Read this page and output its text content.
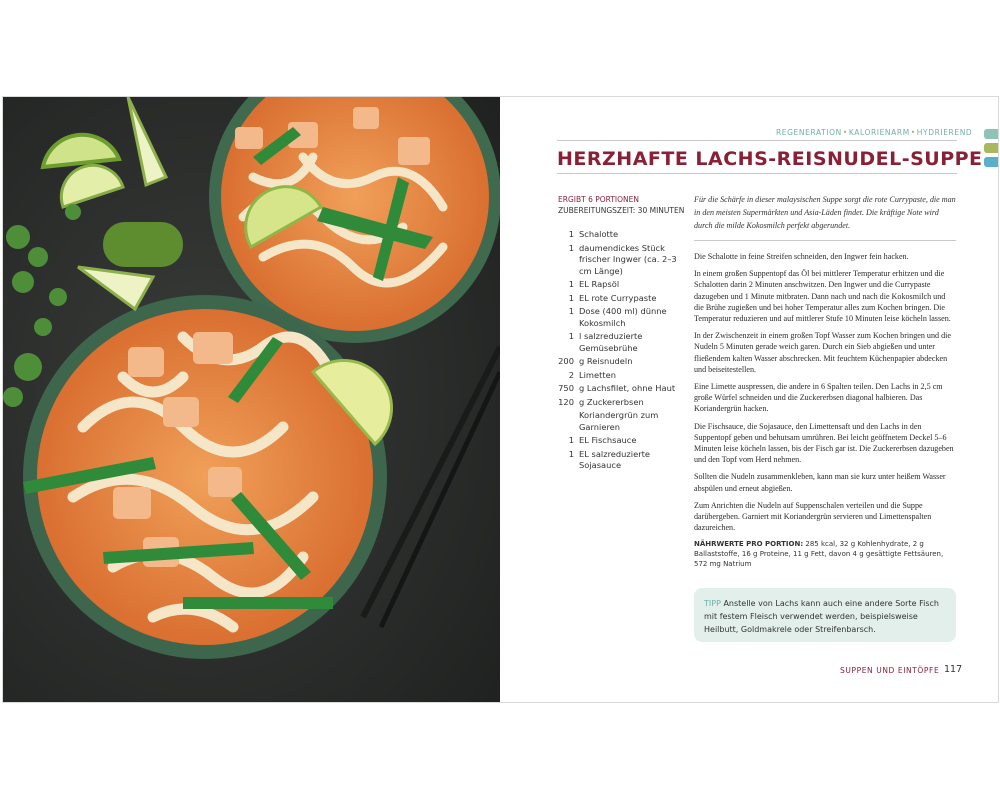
REGENERATION•KALORIENARM•HYDRIEREND
HERZHAFTE LACHS-REISNUDEL-SUPPE
ERGIBT 6 PORTIONEN
ZUBEREITUNGSZEIT: 30 MINUTEN
1 Schalotte
1 daumendickes Stück frischer Ingwer (ca. 2–3 cm Länge)
1 EL Rapsöl
1 EL rote Currypaste
1 Dose (400 ml) dünne Kokosmilch
1 l salzreduzierte Gemüsebrühe
200 g Reisnudeln
2 Limetten
750 g Lachsfilet, ohne Haut
120 g Zuckererbsen
Koriandergrün zum Garnieren
1 EL Fischsauce
1 EL salzreduzierte Sojasauce
Für die Schärfe in dieser malaysischen Suppe sorgt die rote Currypaste, die man in den meisten Supermärkten und Asia-Läden findet. Die kräftige Note wird durch die milde Kokosmilch perfekt abgerundet.

Die Schalotte in feine Streifen schneiden, den Ingwer fein hacken.

In einem großen Suppentopf das Öl bei mittlerer Temperatur erhitzen und die Schalotten darin 2 Minuten anschwitzen. Den Ingwer und die Currypaste dazugeben und 1 Minute mitbraten. Dann nach und nach die Kokosmilch und die Brühe zugießen und bei hoher Temperatur alles zum Kochen bringen. Die Temperatur reduzieren und auf mittlerer Stufe 10 Minuten leise köcheln lassen.

In der Zwischenzeit in einem großen Topf Wasser zum Kochen bringen und die Nudeln 5 Minuten gerade weich garen. Durch ein Sieb abgießen und unter fließendem kalten Wasser abschrecken. Mit feuchtem Küchenpapier abdecken und beiseitestellen.

Eine Limette auspressen, die andere in 6 Spalten teilen. Den Lachs in 2,5 cm große Würfel schneiden und die Zuckererbsen diagonal halbieren. Das Koriandergrün hacken.

Die Fischsauce, die Sojasauce, den Limettensaft und den Lachs in den Suppentopf geben und behutsam umrühren. Bei leicht geöffnetem Deckel 5–6 Minuten leise köcheln lassen, bis der Fisch gar ist. Die Zuckererbsen dazugeben und den Topf vom Herd nehmen.

Sollten die Nudeln zusammenkleben, kann man sie kurz unter heißem Wasser abspülen und erneut abgießen.

Zum Anrichten die Nudeln auf Suppenschalen verteilen und die Suppe darübergeben. Garniert mit Koriandergrün servieren und Limettenspalten dazureichen.

NÄHRWERTE PRO PORTION: 285 kcal, 32 g Kohlenhydrate, 2 g Ballaststoffe, 16 g Proteine, 11 g Fett, davon 4 g gesättigte Fettsäuren, 572 mg Natrium
TIPP Anstelle von Lachs kann auch eine andere Sorte Fisch mit festem Fleisch verwendet werden, beispielsweise Heilbutt, Goldmakrele oder Streifenbarsch.
SUPPEN UND EINTÖPFE 117
